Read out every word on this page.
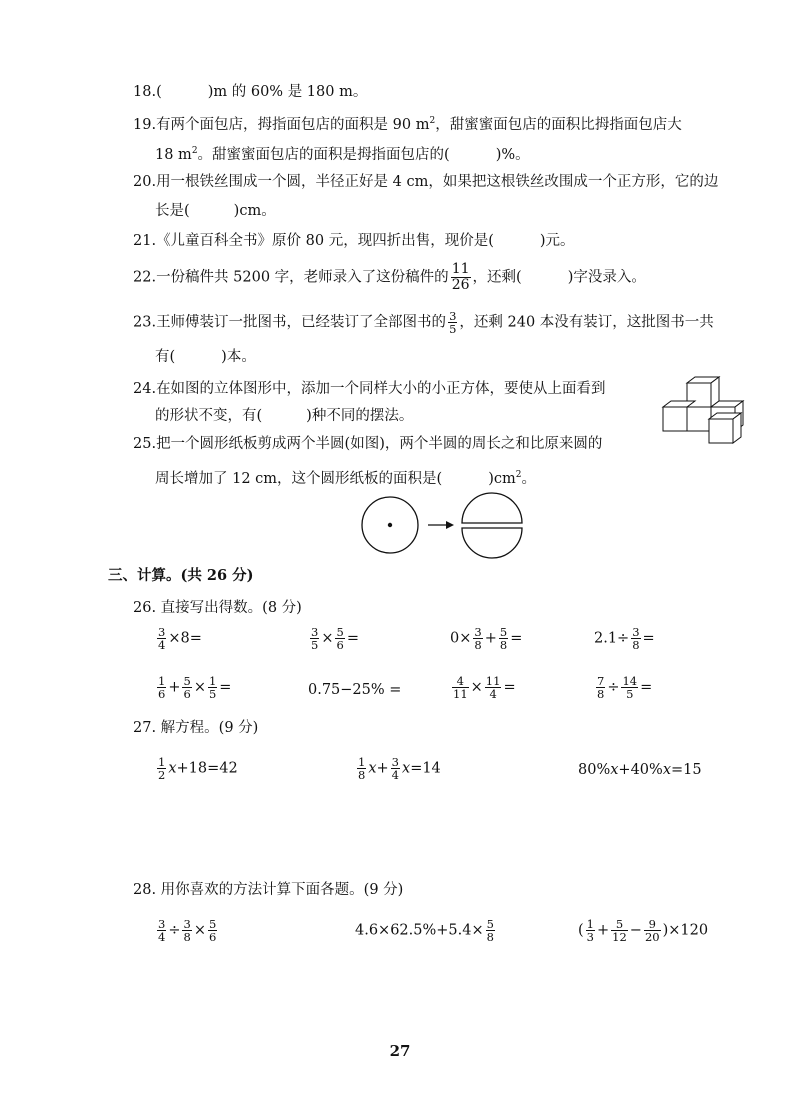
18.(	)m 的 60% 是 180 m。
19.有两个面包店，拇指面包店的面积是 90 $m^2$，甜蜜蜜面包店的面积比拇指面包店大
18 $m^2$。甜蜜蜜面包店的面积是拇指面包店的(	)%。
20.用一根铁丝围成一个圆，半径正好是 4 cm，如果把这根铁丝改围成一个正方形，它的边
长是(	)cm。
21.《儿童百科全书》原价 80 元，现四折出售，现价是(	)元。
22.一份稿件共 5200 字，老师录入了这份稿件的 $\frac{11}{26}$ ，还剩(	)字没录入。
23.王师傅装订一批图书，已经装订了全部图书的 $\frac{3}{5}$ ，还剩 240 本没有装订，这批图书一共
有(	)本。
24.在如图的立体图形中，添加一个同样大小的小正方体，要使从上面看到
的形状不变，有(	)种不同的摆法。
25.把一个圆形纸板剪成两个半圆(如图)，两个半圆的周长之和比原来圆的
周长增加了 12 cm，这个圆形纸板的面积是(	)$cm^2$。
三、计算。(共 26 分)
26. 直接写出得数。(8 分)
$\frac{3}{4} \times 8=$	$\frac{3}{5} \times \frac{5}{6}$ =	$0\times \frac{3}{8} + \frac{5}{8}$ =	$2.1\div \frac{3}{8}$ =
$\frac{1}{6} + \frac{5}{6} \times \frac{1}{5}$ =	0.75−25% =	$\frac{4}{11} \times \frac{11}{4}$ =	$\frac{7}{8} \div \frac{14}{5}$ =
27. 解方程。(9 分)
$\frac{1}{2} x+18=42$	$\frac{1}{8} x+ \frac{3}{4} x=14$	80%x+40%x=15
28. 用你喜欢的方法计算下面各题。(9 分)
$\frac{3}{4} \div \frac{3}{8} \times \frac{5}{6}$	$4.6\times 62.5\%+5.4\times \frac{5}{8}$	( $\frac{1}{3} + \frac{5}{12} - \frac{9}{20} )\times 120$
27
